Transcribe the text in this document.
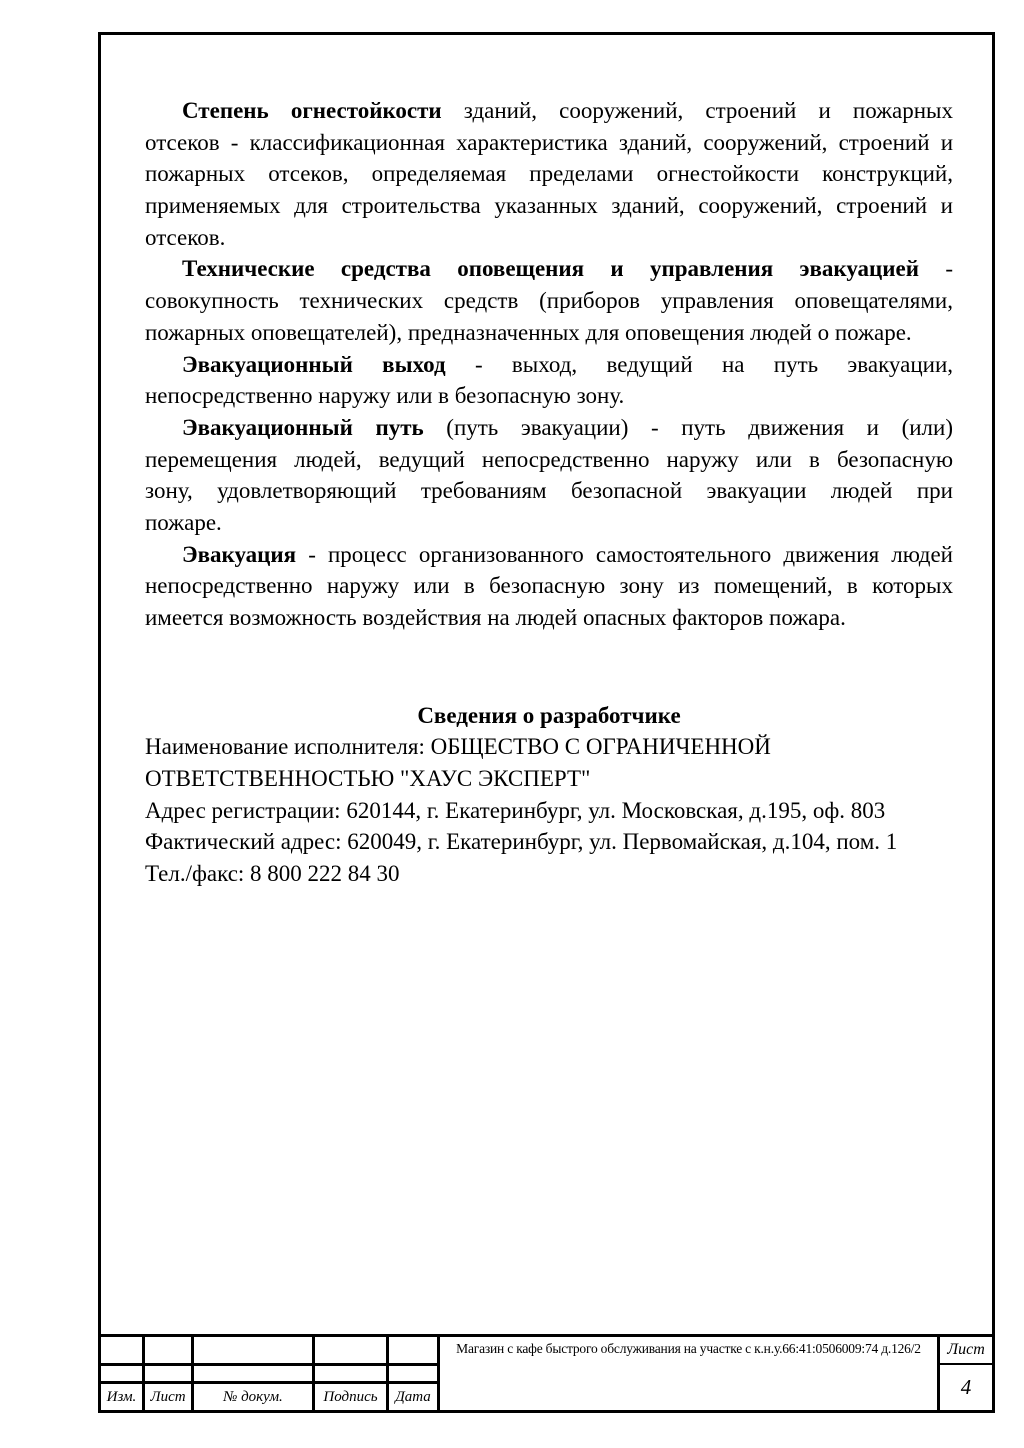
Степень огнестойкости зданий, сооружений, строений и пожарных
отсеков - классификационная характеристика зданий, сооружений, строений и
пожарных отсеков, определяемая пределами огнестойкости конструкций,
применяемых для строительства указанных зданий, сооружений, строений и
отсеков.
Технические средства оповещения и управления эвакуацией -
совокупность технических средств (приборов управления оповещателями,
пожарных оповещателей), предназначенных для оповещения людей о пожаре.
Эвакуационный выход - выход, ведущий на путь эвакуации,
непосредственно наружу или в безопасную зону.
Эвакуационный путь (путь эвакуации) - путь движения и (или)
перемещения людей, ведущий непосредственно наружу или в безопасную
зону, удовлетворяющий требованиям безопасной эвакуации людей при
пожаре.
Эвакуация - процесс организованного самостоятельного движения людей
непосредственно наружу или в безопасную зону из помещений, в которых
имеется возможность воздействия на людей опасных факторов пожара.
Сведения о разработчике
Наименование исполнителя: ОБЩЕСТВО С ОГРАНИЧЕННОЙ
ОТВЕТСТВЕННОСТЬЮ "ХАУС ЭКСПЕРТ"
Адрес регистрации: 620144, г. Екатеринбург, ул. Московская, д.195, оф. 803
Фактический адрес: 620049, г. Екатеринбург, ул. Первомайская, д.104, пом. 1
Тел./факс: 8 800 222 84 30
Изм. Лист	№ докум.	Подпись	Дата
Магазин с кафе быстрого обслуживания на участке с к.н.у.66:41:0506009:74 д.126/2	Лист
4
